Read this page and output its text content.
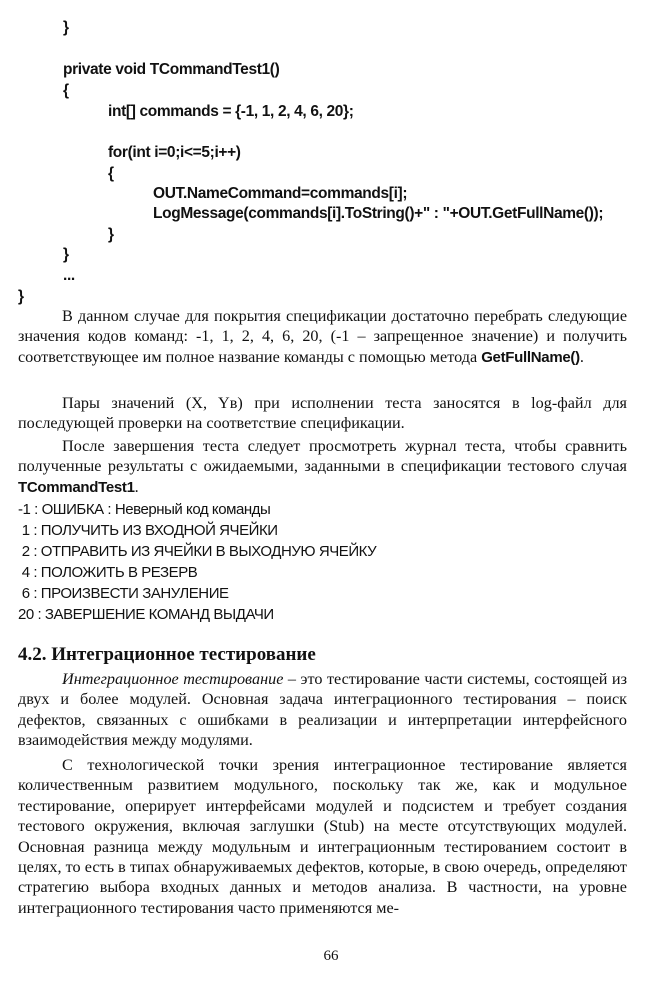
}
private void TCommandTest1()
{
int[] commands = {-1, 1, 2, 4, 6, 20};
for(int i=0;i<=5;i++)
{
OUT.NameCommand=commands[i];
LogMessage(commands[i].ToString()+" : "+OUT.GetFullName());
}
}
...
}
В данном случае для покрытия спецификации достаточно перебрать следующие значения кодов команд: -1, 1, 2, 4, 6, 20, (-1 – запрещенное значение) и получить соответствующее им полное название команды с помощью метода GetFullName().
Пары значений (X, Yв) при исполнении теста заносятся в log-файл для последующей проверки на соответствие спецификации.
После завершения теста следует просмотреть журнал теста, чтобы сравнить полученные результаты с ожидаемыми, заданными в спецификации тестового случая TCommandTest1.
-1 : ОШИБКА : Неверный код команды
1 : ПОЛУЧИТЬ ИЗ ВХОДНОЙ ЯЧЕЙКИ
2 : ОТПРАВИТЬ ИЗ ЯЧЕЙКИ В ВЫХОДНУЮ ЯЧЕЙКУ
4 : ПОЛОЖИТЬ В РЕЗЕРВ
6 : ПРОИЗВЕСТИ ЗАНУЛЕНИЕ
20 : ЗАВЕРШЕНИЕ КОМАНД ВЫДАЧИ
4.2. Интеграционное тестирование
Интеграционное тестирование – это тестирование части системы, состоящей из двух и более модулей. Основная задача интеграционного тестирования – поиск дефектов, связанных с ошибками в реализации и интерпретации интерфейсного взаимодействия между модулями.
С технологической точки зрения интеграционное тестирование является количественным развитием модульного, поскольку так же, как и модульное тестирование, оперирует интерфейсами модулей и подсистем и требует создания тестового окружения, включая заглушки (Stub) на месте отсутствующих модулей. Основная разница между модульным и интеграционным тестированием состоит в целях, то есть в типах обнаруживаемых дефектов, которые, в свою очередь, определяют стратегию выбора входных данных и методов анализа. В частности, на уровне интеграционного тестирования часто применяются ме-
66
